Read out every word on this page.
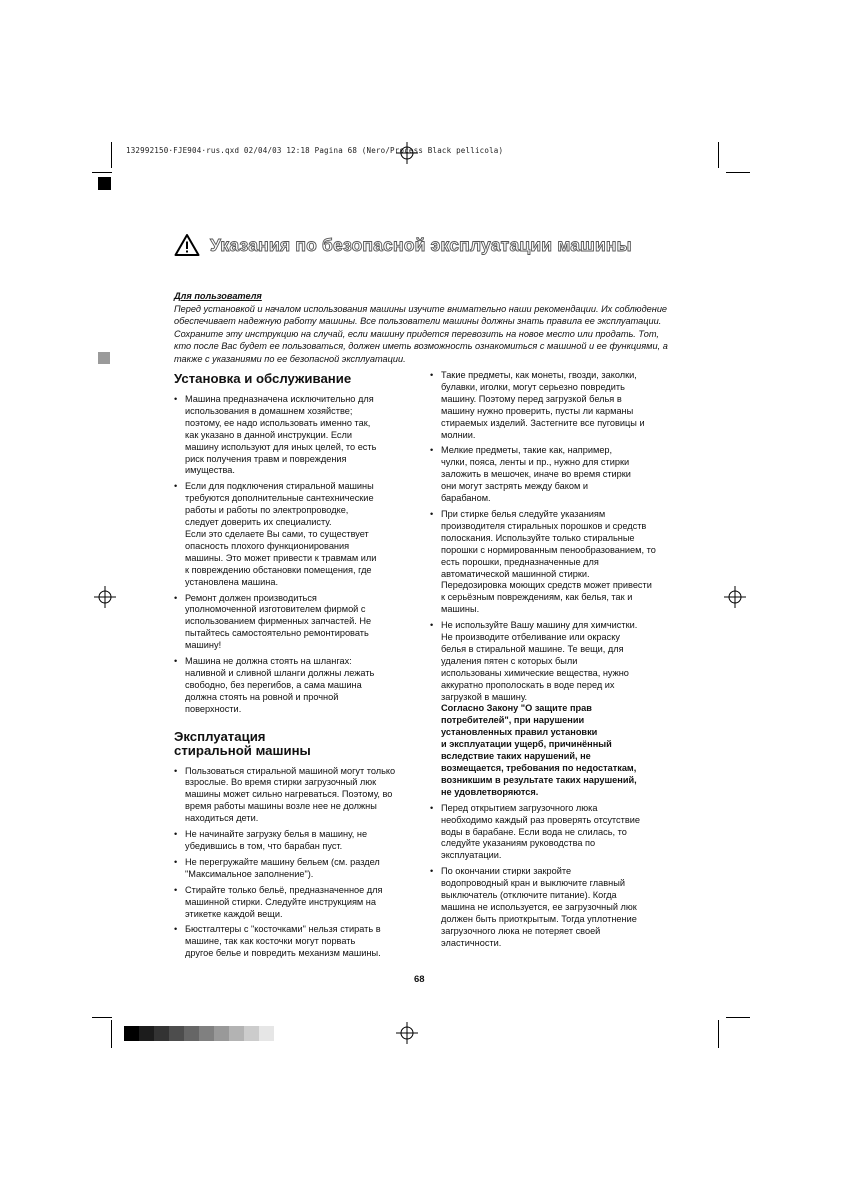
132992150·FJE904·rus.qxd 02/04/03 12:18 Pagina 68 (Nero/Process Black pellicola)
Указания по безопасной эксплуатации машины

Для пользователя

Перед установкой и началом использования машины изучите внимательно наши рекомендации. Их соблюдение обеспечивает надежную работу машины. Все пользователи машины должны знать правила ее эксплуатации. Сохраните эту инструкцию на случай, если машину придется перевозить на новое место или продать. Тот, кто после Вас будет ее пользоваться, должен иметь возможность ознакомиться с машиной и ее функциями, а также с указаниями по ее безопасной эксплуатации.

Установка и обслуживание
• Машина предназначена исключительно для
использования в домашнем хозяйстве;
поэтому, ее надо использовать именно так,
как указано в данной инструкции. Если
машину используют для иных целей, то есть
риск получения травм и повреждения
имущества.
• Если для подключения стиральной машины
требуются дополнительные сантехнические
работы и работы по электропроводке,
следует доверить их специалисту.
Если это сделаете Вы сами, то существует
опасность плохого функционирования
машины. Это может привести к травмам или
к повреждению обстановки помещения, где
установлена машина.
• Ремонт должен производиться
уполномоченной изготовителем фирмой с
использованием фирменных запчастей. Не
пытайтесь самостоятельно ремонтировать
машину!
• Машина не должна стоять на шлангах:
наливной и сливной шланги должны лежать
свободно, без перегибов, а сама машина
должна стоять на ровной и прочной
поверхности.
Эксплуатация стиральной машины
• Пользоваться стиральной машиной могут только
взрослые. Во время стирки загрузочный люк
машины может сильно нагреваться. Поэтому, во
время работы машины возле нее не должны
находиться дети.
• Не начинайте загрузку белья в машину, не
убедившись в том, что барабан пуст.
• Не перегружайте машину бельем (см. раздел
"Максимальное заполнение").
• Стирайте только бельё, предназначенное для
машинной стирки. Следуйте инструкциям на
этикетке каждой вещи.
• Бюстгалтеры с "косточками" нельзя стирать в
машине, так как косточки могут порвать
другое белье и повредить механизм машины.
• Такие предметы, как монеты, гвозди, заколки,
булавки, иголки, могут серьезно повредить
машину. Поэтому перед загрузкой белья в
машину нужно проверить, пусты ли карманы
стираемых изделий. Застегните все пуговицы и
молнии.
• Мелкие предметы, такие как, например,
чулки, пояса, ленты и пр., нужно для стирки
заложить в мешочек, иначе во время стирки
они могут застрять между баком и
барабаном.
• При стирке белья следуйте указаниям
производителя стиральных порошков и средств
полоскания. Используйте только стиральные
порошки с нормированным пенообразованием, то
есть порошки, предназначенные для
автоматической машинной стирки.
Передозировка моющих средств может привести
к серьёзным повреждениям, как белья, так и
машины.
• Не используйте Вашу машину для химчистки.
Не производите отбеливание или окраску
белья в стиральной машине. Те вещи, для
удаления пятен с которых были
использованы химические вещества, нужно
аккуратно прополоскать в воде перед их
загрузкой в машину.
Согласно Закону "О защите прав
потребителей", при нарушении
установленных правил установки
и эксплуатации ущерб, причинённый
вследствие таких нарушений, не
возмещается, требования по недостаткам,
возникшим в результате таких нарушений,
не удовлетворяются.
• Перед открытием загрузочного люка
необходимо каждый раз проверять отсутствие
воды в барабане. Если вода не слилась, то
следуйте указаниям руководства по
эксплуатации.
• По окончании стирки закройте
водопроводный кран и выключите главный
выключатель (отключите питание). Когда
машина не используется, ее загрузочный люк
должен быть приоткрытым. Тогда уплотнение
загрузочного люка не потеряет своей
эластичности.
68
